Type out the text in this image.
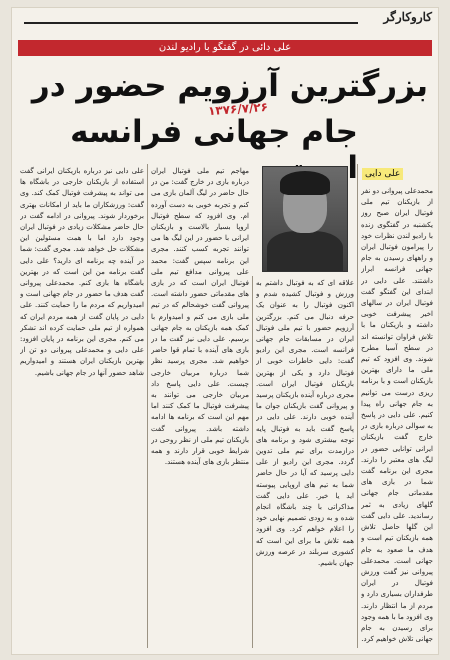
کاروکارگر
علی دائی در گفتگو با رادیو لندن
بزرگترین آرزویم حضور در
جام جهانی فرانسه
۱۳۷۶/۷/۲۶
علی دایی
محمدعلی پیروانی دو نفر از بازیکنان تیم ملی فوتبال ایران صبح روز یکشنبه در گفتگوی زنده با رادیو لندن نظرات خود را پیرامون فوتبال ایران و راههای رسیدن به جام جهانی فرانسه ابراز داشتند. علی دایی در ابتدای این گفتگو گفت فوتبال ایران در سالهای اخیر پیشرفت خوبی داشته و بازیکنان ما با تلاش فراوان توانسته اند در سطح آسیا مطرح شوند. وی افزود که تیم ملی ما دارای بهترین بازیکنان است و با برنامه ریزی درست می توانیم به جام جهانی راه پیدا کنیم. علی دایی در پاسخ به سوالی درباره بازی در خارج گفت بازیکنان ایرانی توانایی حضور در لیگ های معتبر را دارند. مجری این برنامه گفت شما در بازی های مقدماتی جام جهانی گلهای زیادی به ثمر رساندید. علی دایی گفت این گلها حاصل تلاش همه بازیکنان تیم است و هدف ما صعود به جام جهانی است. محمدعلی پیروانی نیز گفت ورزش فوتبال در ایران طرفداران بسیاری دارد و مردم از ما انتظار دارند. وی افزود ما با همه وجود برای رسیدن به جام جهانی تلاش خواهیم کرد.
علاقه ای که به فوتبال داشتم به ورزش و فوتبال کشیده شدم و اکنون فوتبال را به عنوان یک حرفه دنبال می کنم. بزرگترین آرزویم حضور با تیم ملی فوتبال ایران در مسابقات جام جهانی فرانسه است. مجری این رادیو گفت: دایی خاطرات خوبی از فوتبال دارد و یکی از بهترین بازیکنان فوتبال ایران است. مجری درباره آینده بازیکنان پرسید و پیروانی گفت بازیکنان جوان ما آینده خوبی دارند. علی دایی در پاسخ گفت باید به فوتبال پایه توجه بیشتری شود و برنامه های درازمدت برای تیم ملی تدوین گردد. مجری این رادیو از علی دایی پرسید که آیا در حال حاضر شما به تیم های اروپایی پیوسته اید یا خیر. علی دایی گفت مذاکراتی با چند باشگاه انجام شده و به زودی تصمیم نهایی خود را اعلام خواهم کرد. وی افزود همه تلاش ما برای این است که کشوری سربلند در عرصه ورزش جهان باشیم.
مهاجم تیم ملی فوتبال ایران درباره بازی در خارج گفت: من در حال حاضر در لیگ آلمان بازی می کنم و تجربه خوبی به دست آورده ام. وی افزود که سطح فوتبال اروپا بسیار بالاست و بازیکنان ایرانی با حضور در این لیگ ها می توانند تجربه کسب کنند. مجری این برنامه سپس گفت: محمد علی پیروانی مدافع تیم ملی فوتبال ایران است که در بازی های مقدماتی حضور داشته است. پیروانی گفت خوشحالم که در تیم ملی بازی می کنم و امیدوارم با کمک همه بازیکنان به جام جهانی برسیم. علی دایی نیز گفت ما در بازی های آینده با تمام قوا حاضر خواهیم شد. مجری پرسید نظر شما درباره مربیان خارجی چیست. علی دایی پاسخ داد مربیان خارجی می توانند به پیشرفت فوتبال ما کمک کنند اما مهم این است که برنامه ها ادامه داشته باشد. پیروانی گفت بازیکنان تیم ملی از نظر روحی در شرایط خوبی قرار دارند و همه منتظر بازی های آینده هستند.
علی دایی نیز درباره بازیکنان ایرانی گفت استفاده از بازیکنان خارجی در باشگاه ها می تواند به پیشرفت فوتبال کمک کند. وی گفت: ورزشکاران ما باید از امکانات بهتری برخوردار شوند. پیروانی در ادامه گفت در حال حاضر مشکلات زیادی در فوتبال ایران وجود دارد اما با همت مسئولین این مشکلات حل خواهد شد. مجری گفت: شما در آینده چه برنامه ای دارید؟ علی دایی گفت برنامه من این است که در بهترین باشگاه ها بازی کنم. محمدعلی پیروانی گفت هدف ما حضور در جام جهانی است و امیدواریم که مردم ما را حمایت کنند. علی دایی در پایان گفت از همه مردم ایران که همواره از تیم ملی حمایت کرده اند تشکر می کنم. مجری این برنامه در پایان افزود: علی دایی و محمدعلی پیروانی دو تن از بهترین بازیکنان ایران هستند و امیدواریم شاهد حضور آنها در جام جهانی باشیم.
